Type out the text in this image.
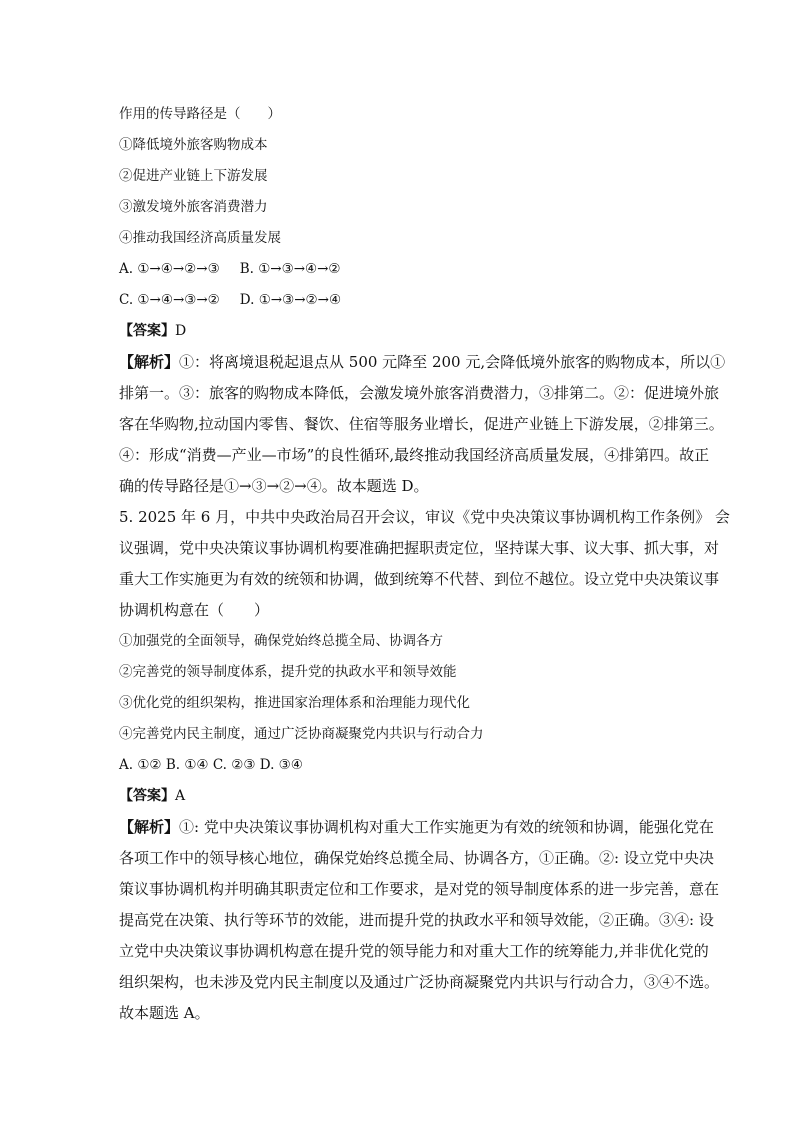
作用的传导路径是（　　）
①降低境外旅客购物成本
②促进产业链上下游发展
③激发境外旅客消费潜力
④推动我国经济高质量发展
A. ①→④→②→③ B. ①→③→④→②
C. ①→④→③→② D. ①→③→②→④
【答案】D

【解析】①：将离境退税起退点从 500 元降至 200 元,会降低境外旅客的购物成本，所以①
排第一。③：旅客的购物成本降低，会激发境外旅客消费潜力，③排第二。②：促进境外旅
客在华购物,拉动国内零售、餐饮、住宿等服务业增长，促进产业链上下游发展，②排第三。
④：形成“消费—产业—市场”的良性循环,最终推动我国经济高质量发展，④排第四。故正
确的传导路径是①→③→②→④。故本题选 D。

5. 2025 年 6 月，中共中央政治局召开会议，审议《党中央决策议事协调机构工作条例》 会
议强调，党中央决策议事协调机构要准确把握职责定位，坚持谋大事、议大事、抓大事，对
重大工作实施更为有效的统领和协调，做到统筹不代替、到位不越位。设立党中央决策议事
协调机构意在（　　）

①加强党的全面领导，确保党始终总揽全局、协调各方
②完善党的领导制度体系，提升党的执政水平和领导效能
③优化党的组织架构，推进国家治理体系和治理能力现代化
④完善党内民主制度，通过广泛协商凝聚党内共识与行动合力
A. ①② B. ①④ C. ②③ D. ③④
【答案】A

【解析】①: 党中央决策议事协调机构对重大工作实施更为有效的统领和协调，能强化党在
各项工作中的领导核心地位，确保党始终总揽全局、协调各方，①正确。②: 设立党中央决
策议事协调机构并明确其职责定位和工作要求，是对党的领导制度体系的进一步完善，意在
提高党在决策、执行等环节的效能，进而提升党的执政水平和领导效能，②正确。③④: 设
立党中央决策议事协调机构意在提升党的领导能力和对重大工作的统筹能力,并非优化党的
组织架构，也未涉及党内民主制度以及通过广泛协商凝聚党内共识与行动合力，③④不选。
故本题选 A。
